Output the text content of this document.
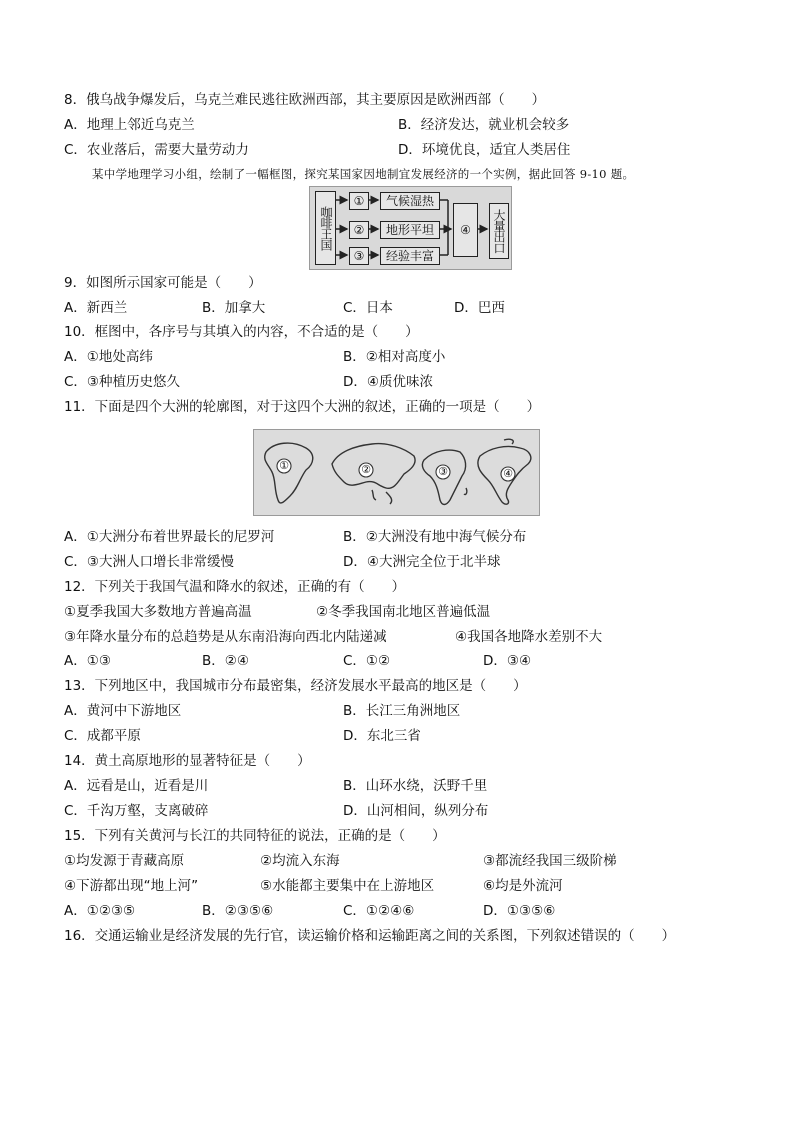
8．俄乌战争爆发后，乌克兰难民逃往欧洲西部，其主要原因是欧洲西部（　　）
A．地理上邻近乌克兰	B．经济发达，就业机会较多
C．农业落后，需要大量劳动力	D．环境优良，适宜人类居住
某中学地理学习小组，绘制了一幅框图，探究某国家因地制宜发展经济的一个实例，据此回答 9-10 题。
咖啡王国
①	气候湿热
②	地形平坦
③	经验丰富
④	大量出口
9．如图所示国家可能是（　　）
A．新西兰	B．加拿大	C．日本	D．巴西
10．框图中，各序号与其填入的内容，不合适的是（　　）
A．①地处高纬	B．②相对高度小
C．③种植历史悠久	D．④质优味浓
11．下面是四个大洲的轮廓图，对于这四个大洲的叙述，正确的一项是（　　）
①	②	③	④
A．①大洲分布着世界最长的尼罗河	B．②大洲没有地中海气候分布
C．③大洲人口增长非常缓慢	D．④大洲完全位于北半球
12．下列关于我国气温和降水的叙述，正确的有（　　）
①夏季我国大多数地方普遍高温	②冬季我国南北地区普遍低温
③年降水量分布的总趋势是从东南沿海向西北内陆递减	④我国各地降水差别不大
A．①③	B．②④	C．①②	D．③④
13．下列地区中，我国城市分布最密集，经济发展水平最高的地区是（　　）
A．黄河中下游地区	B．长江三角洲地区
C．成都平原	D．东北三省
14．黄土高原地形的显著特征是（　　）
A．远看是山，近看是川	B．山环水绕，沃野千里
C．千沟万壑，支离破碎	D．山河相间，纵列分布
15．下列有关黄河与长江的共同特征的说法，正确的是（　　）
①均发源于青藏高原	②均流入东海	③都流经我国三级阶梯
④下游都出现“地上河”	⑤水能都主要集中在上游地区	⑥均是外流河
A．①②③⑤	B．②③⑤⑥	C．①②④⑥	D．①③⑤⑥
16．交通运输业是经济发展的先行官，读运输价格和运输距离之间的关系图，下列叙述错误的（　　）
